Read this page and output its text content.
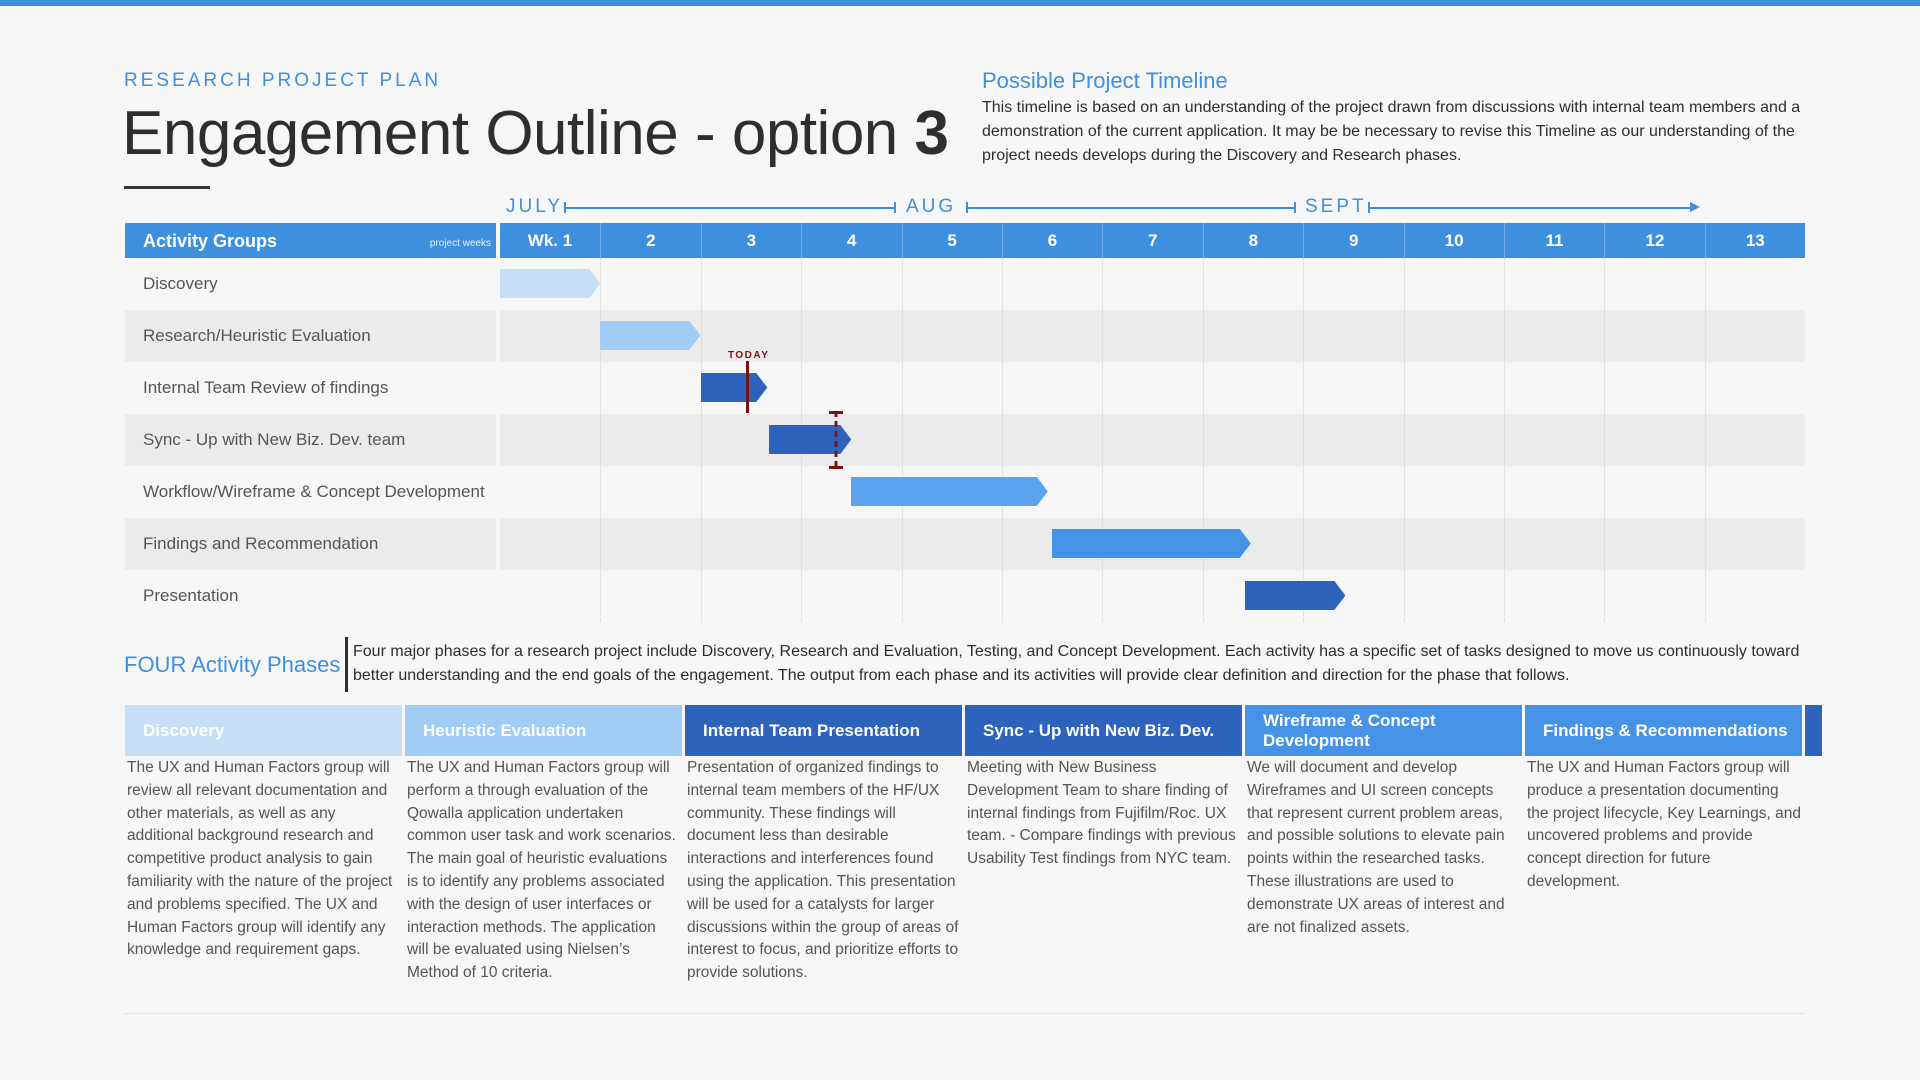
RESEARCH PROJECT PLAN
Engagement Outline - option 3
Possible Project Timeline
This timeline is based on an understanding of the project drawn from discussions with internal team members and a demonstration of the current application. It may be be necessary to revise this Timeline as our understanding of the project needs develops during the Discovery and Research phases.
JULY	AUG	SEPT
Activity Groups	project weeks	Wk. 1	2	3	4	5	6	7	8	9	10	11	12	13
Discovery
Research/Heuristic Evaluation
Internal Team Review of findings
Sync - Up with New Biz. Dev. team
Workflow/Wireframe & Concept Development
Findings and Recommendation
Presentation
TODAY
FOUR Activity Phases
Four major phases for a research project include Discovery, Research and Evaluation, Testing, and Concept Development. Each activity has a specific set of tasks designed to move us continuously toward better understanding and the end goals of the engagement. The output from each phase and its activities will provide clear definition and direction for the phase that follows.
Discovery
The UX and Human Factors group will review all relevant documentation and other materials, as well as any additional background research and competitive product analysis to gain familiarity with the nature of the project and problems specified. The UX and Human Factors group will identify any knowledge and requirement gaps.
Heuristic Evaluation
The UX and Human Factors group will perform a through evaluation of the Qowalla application undertaken common user task and work scenarios. The main goal of heuristic evaluations is to identify any problems associated with the design of user interfaces or interaction methods. The application will be evaluated using Nielsen’s Method of 10 criteria.
Internal Team Presentation
Presentation of organized findings to internal team members of the HF/UX community. These findings will document less than desirable interactions and interferences found using the application. This presentation will be used for a catalysts for larger discussions within the group of areas of interest to focus, and prioritize efforts to provide solutions.
Sync - Up with New Biz. Dev.
Meeting with New Business Development Team to share finding of internal findings from Fujifilm/Roc. UX team. - Compare findings with previous Usability Test findings from NYC team.
Wireframe & Concept Development
We will document and develop Wireframes and UI screen concepts that represent current problem areas, and possible solutions to elevate pain points within the researched tasks. These illustrations are used to demonstrate UX areas of interest and are not finalized assets.
Findings & Recommendations
The UX and Human Factors group will produce a presentation documenting the project lifecycle, Key Learnings, and uncovered problems and provide concept direction for future development.
